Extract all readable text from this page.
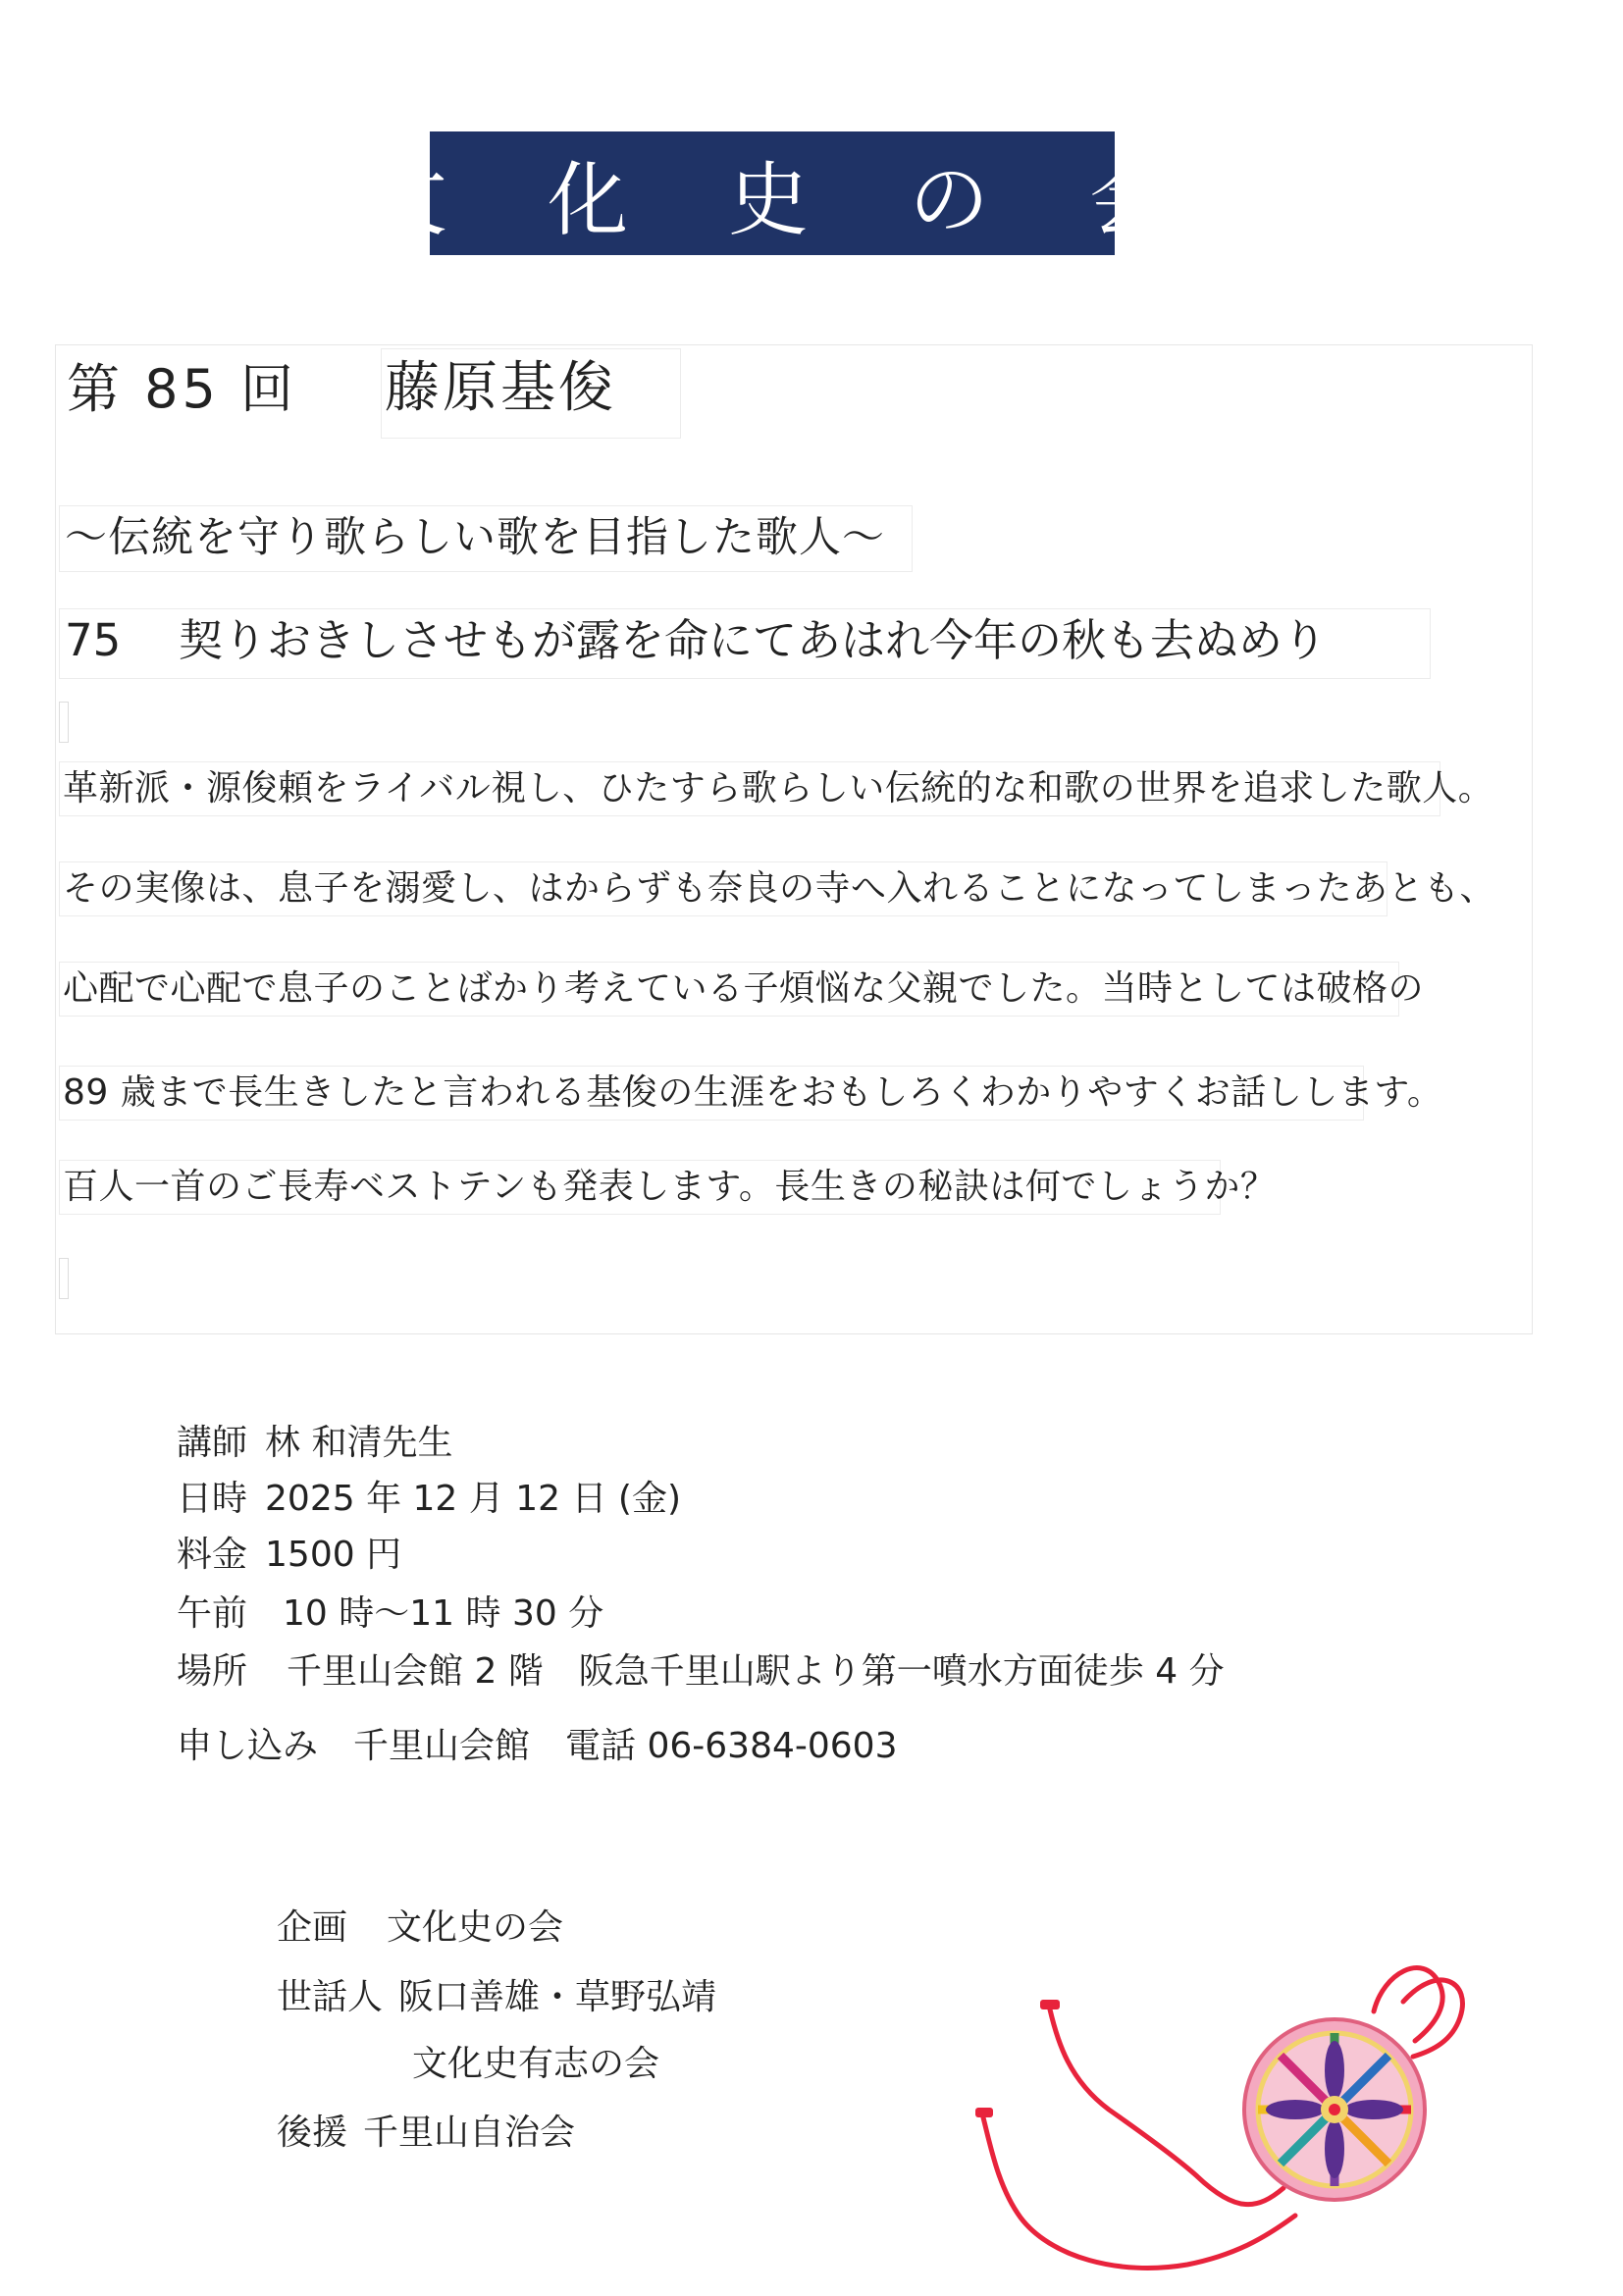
文 化 史 の 会
第 85 回 藤原基俊
～伝統を守り歌らしい歌を目指した歌人～
75 契りおきしさせもが露を命にてあはれ今年の秋も去ぬめり
革新派・源俊頼をライバル視し、ひたすら歌らしい伝統的な和歌の世界を追求した歌人。
その実像は、息子を溺愛し、はからずも奈良の寺へ入れることになってしまったあとも、
心配で心配で息子のことばかり考えている子煩悩な父親でした。当時としては破格の
89 歳まで長生きしたと言われる基俊の生涯をおもしろくわかりやすくお話しします。
百人一首のご長寿ベストテンも発表します。長生きの秘訣は何でしょうか？
講師 林 和清先生
日時 2025 年 12 月 12 日 (金)
料金 1500 円
午前 10 時～11 時 30 分
場所 千里山会館 2 階　阪急千里山駅より第一噴水方面徒歩 4 分
申し込み 千里山会館　電話 06-6384-0603
企画 文化史の会
世話人 阪口善雄・草野弘靖
文化史有志の会
後援 千里山自治会
